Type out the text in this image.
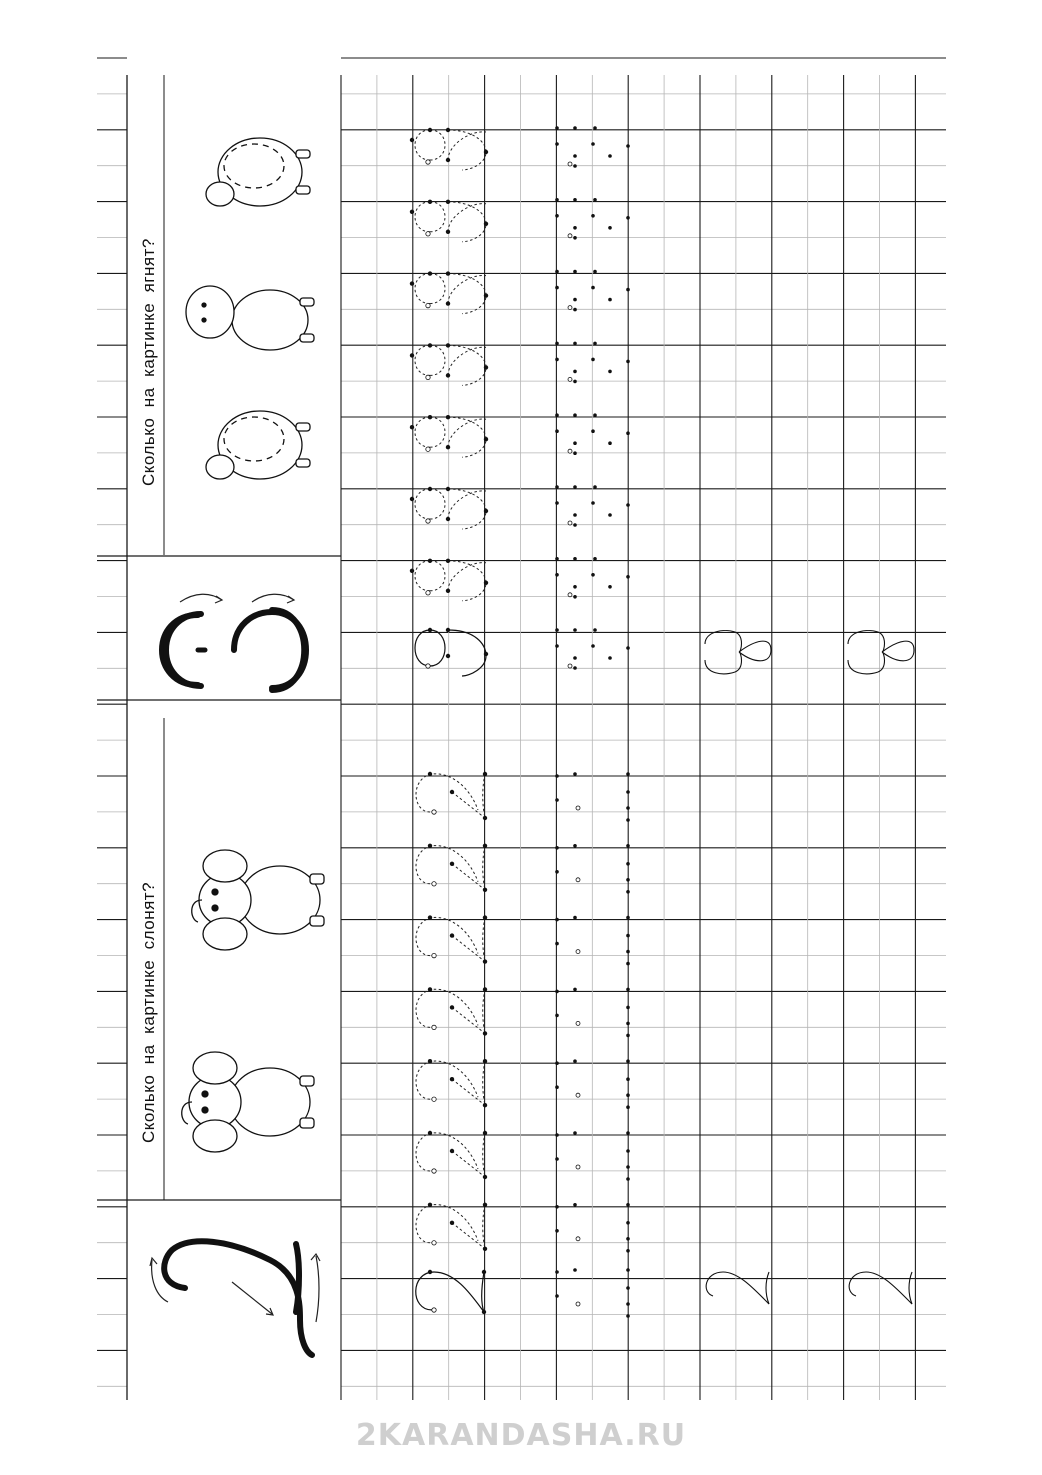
Сколько  на  картинке  ягнят?
Сколько  на  картинке  слонят?
2KARANDASHA.RU
